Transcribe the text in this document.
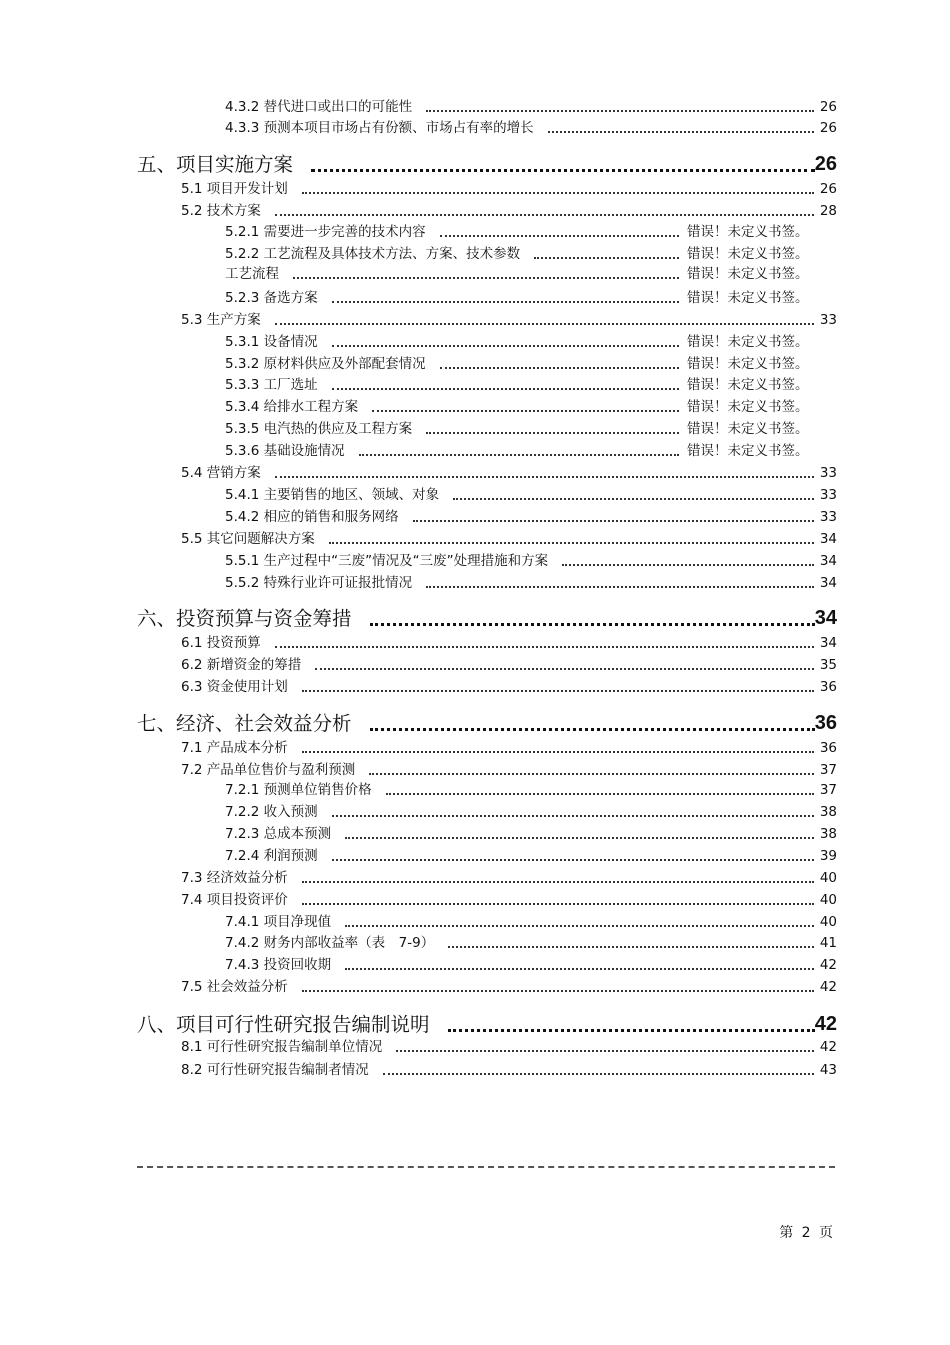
4.3.2 替代进口或出口的可能性	26
4.3.3 预测本项目市场占有份额、市场占有率的增长	26
五、项目实施方案	26
5.1 项目开发计划	26
5.2 技术方案	28
5.2.1 需要进一步完善的技术内容	错误！未定义书签。
5.2.2 工艺流程及具体技术方法、方案、技术参数	错误！未定义书签。
工艺流程	错误！未定义书签。
5.2.3 备选方案	错误！未定义书签。
5.3 生产方案	33
5.3.1 设备情况	错误！未定义书签。
5.3.2 原材料供应及外部配套情况	错误！未定义书签。
5.3.3 工厂选址	错误！未定义书签。
5.3.4 给排水工程方案	错误！未定义书签。
5.3.5 电汽热的供应及工程方案	错误！未定义书签。
5.3.6 基础设施情况	错误！未定义书签。
5.4 营销方案	33
5.4.1 主要销售的地区、领域、对象	33
5.4.2 相应的销售和服务网络	33
5.5 其它问题解决方案	34
5.5.1 生产过程中“三废”情况及“三废”处理措施和方案	34
5.5.2 特殊行业许可证报批情况	34
六、投资预算与资金筹措	34
6.1 投资预算	34
6.2 新增资金的筹措	35
6.3 资金使用计划	36
七、经济、社会效益分析	36
7.1 产品成本分析	36
7.2 产品单位售价与盈利预测	37
7.2.1 预测单位销售价格	37
7.2.2 收入预测	38
7.2.3 总成本预测	38
7.2.4 利润预测	39
7.3 经济效益分析	40
7.4 项目投资评价	40
7.4.1 项目净现值	40
7.4.2 财务内部收益率（表　7-9）	41
7.4.3 投资回收期	42
7.5 社会效益分析	42
八、项目可行性研究报告编制说明	42
8.1 可行性研究报告编制单位情况	42
8.2 可行性研究报告编制者情况	43
第 2 页
